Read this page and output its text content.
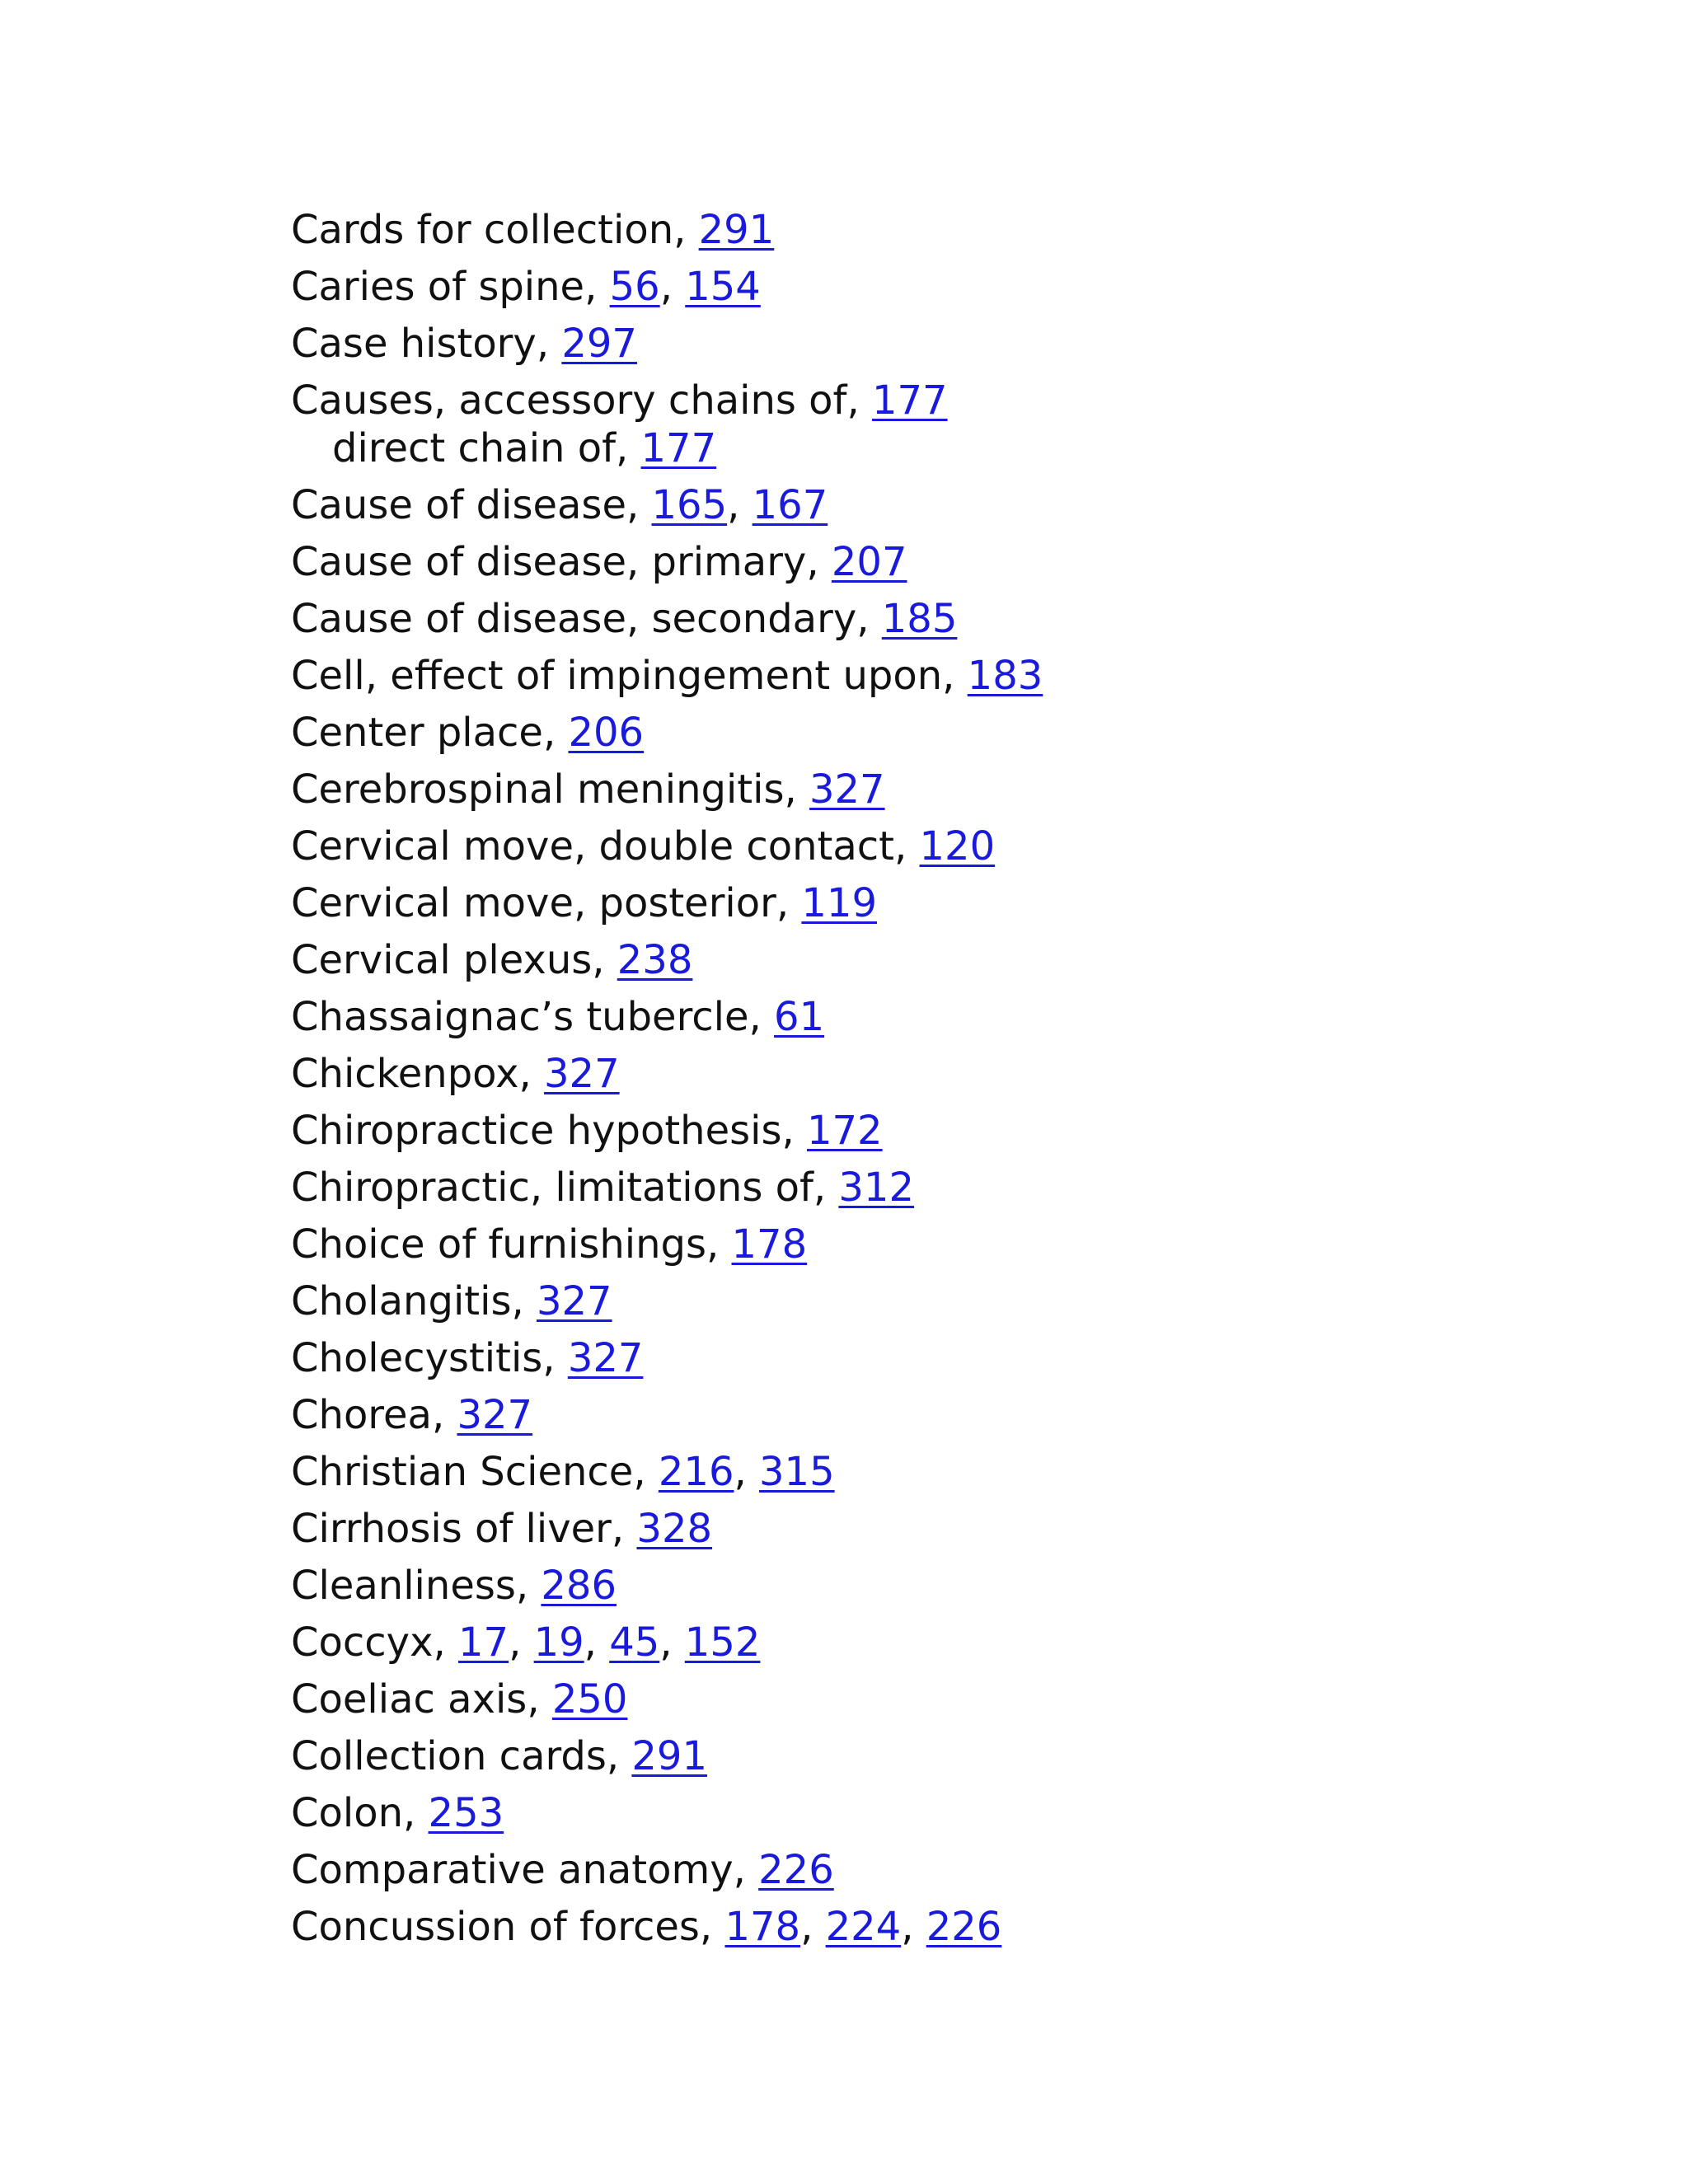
Cards for collection, 291
Caries of spine, 56, 154
Case history, 297
Causes, accessory chains of, 177
direct chain of, 177
Cause of disease, 165, 167
Cause of disease, primary, 207
Cause of disease, secondary, 185
Cell, effect of impingement upon, 183
Center place, 206
Cerebrospinal meningitis, 327
Cervical move, double contact, 120
Cervical move, posterior, 119
Cervical plexus, 238
Chassaignac’s tubercle, 61
Chickenpox, 327
Chiropractice hypothesis, 172
Chiropractic, limitations of, 312
Choice of furnishings, 178
Cholangitis, 327
Cholecystitis, 327
Chorea, 327
Christian Science, 216, 315
Cirrhosis of liver, 328
Cleanliness, 286
Coccyx, 17, 19, 45, 152
Coeliac axis, 250
Collection cards, 291
Colon, 253
Comparative anatomy, 226
Concussion of forces, 178, 224, 226
